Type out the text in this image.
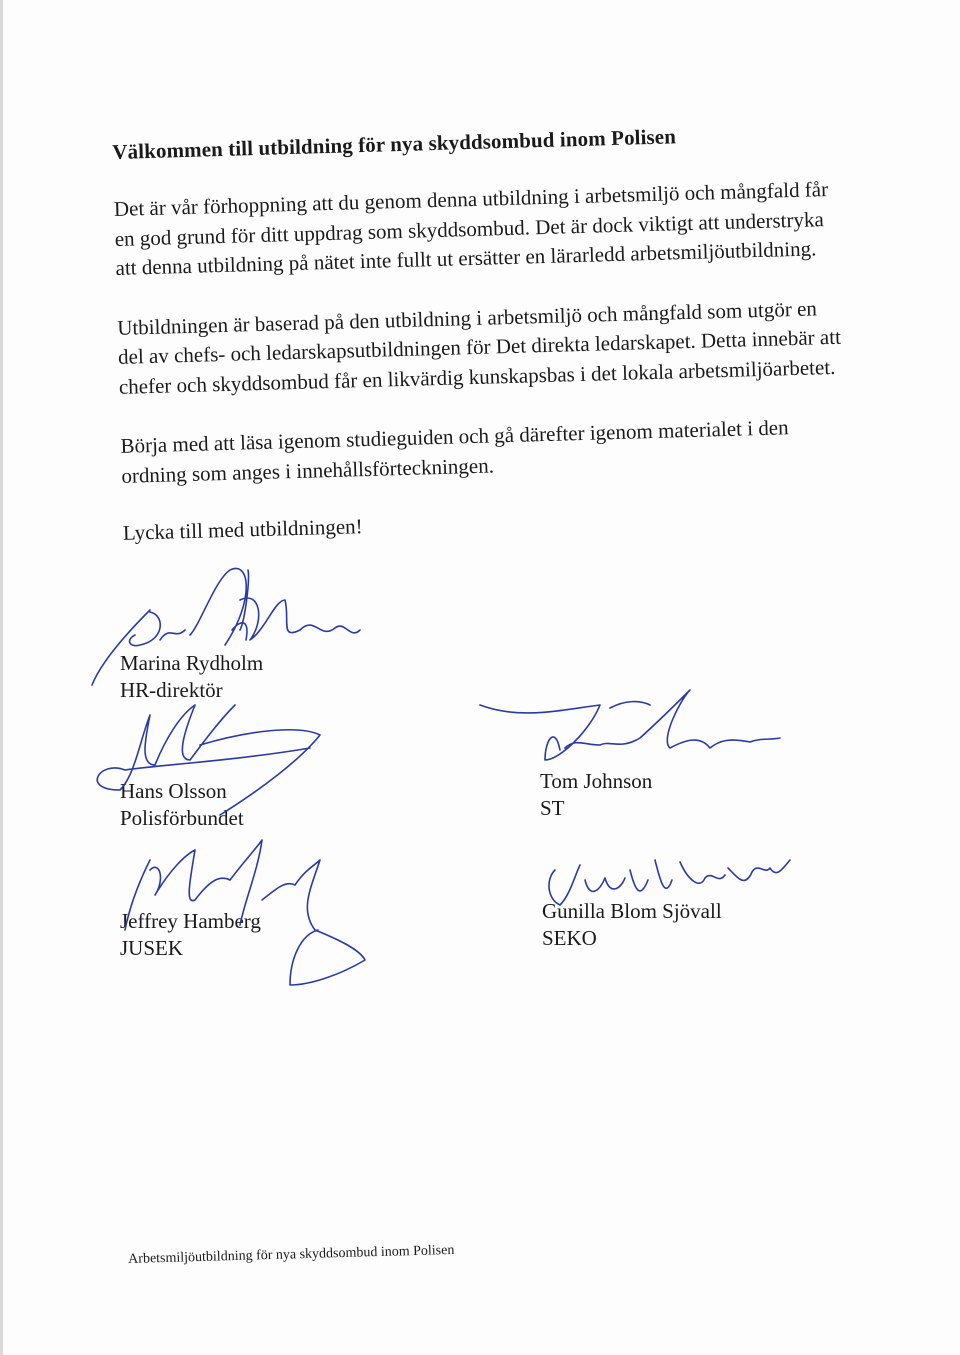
Välkommen till utbildning för nya skyddsombud inom Polisen

Det är vår förhoppning att du genom denna utbildning i arbetsmiljö och mångfald får en god grund för ditt uppdrag som skyddsombud. Det är dock viktigt att understryka att denna utbildning på nätet inte fullt ut ersätter en lärarledd arbetsmiljöutbildning.

Utbildningen är baserad på den utbildning i arbetsmiljö och mångfald som utgör en del av chefs- och ledarskapsutbildningen för Det direkta ledarskapet. Detta innebär att chefer och skyddsombud får en likvärdig kunskapsbas i det lokala arbetsmiljöarbetet.

Börja med att läsa igenom studieguiden och gå därefter igenom materialet i den ordning som anges i innehållsförteckningen.

Lycka till med utbildningen!

Marina Rydholm
HR-direktör
Hans Olsson
Polisförbundet
Tom Johnson
ST
Jeffrey Hamberg
JUSEK
Gunilla Blom Sjövall
SEKO
Arbetsmiljöutbildning för nya skyddsombud inom Polisen
